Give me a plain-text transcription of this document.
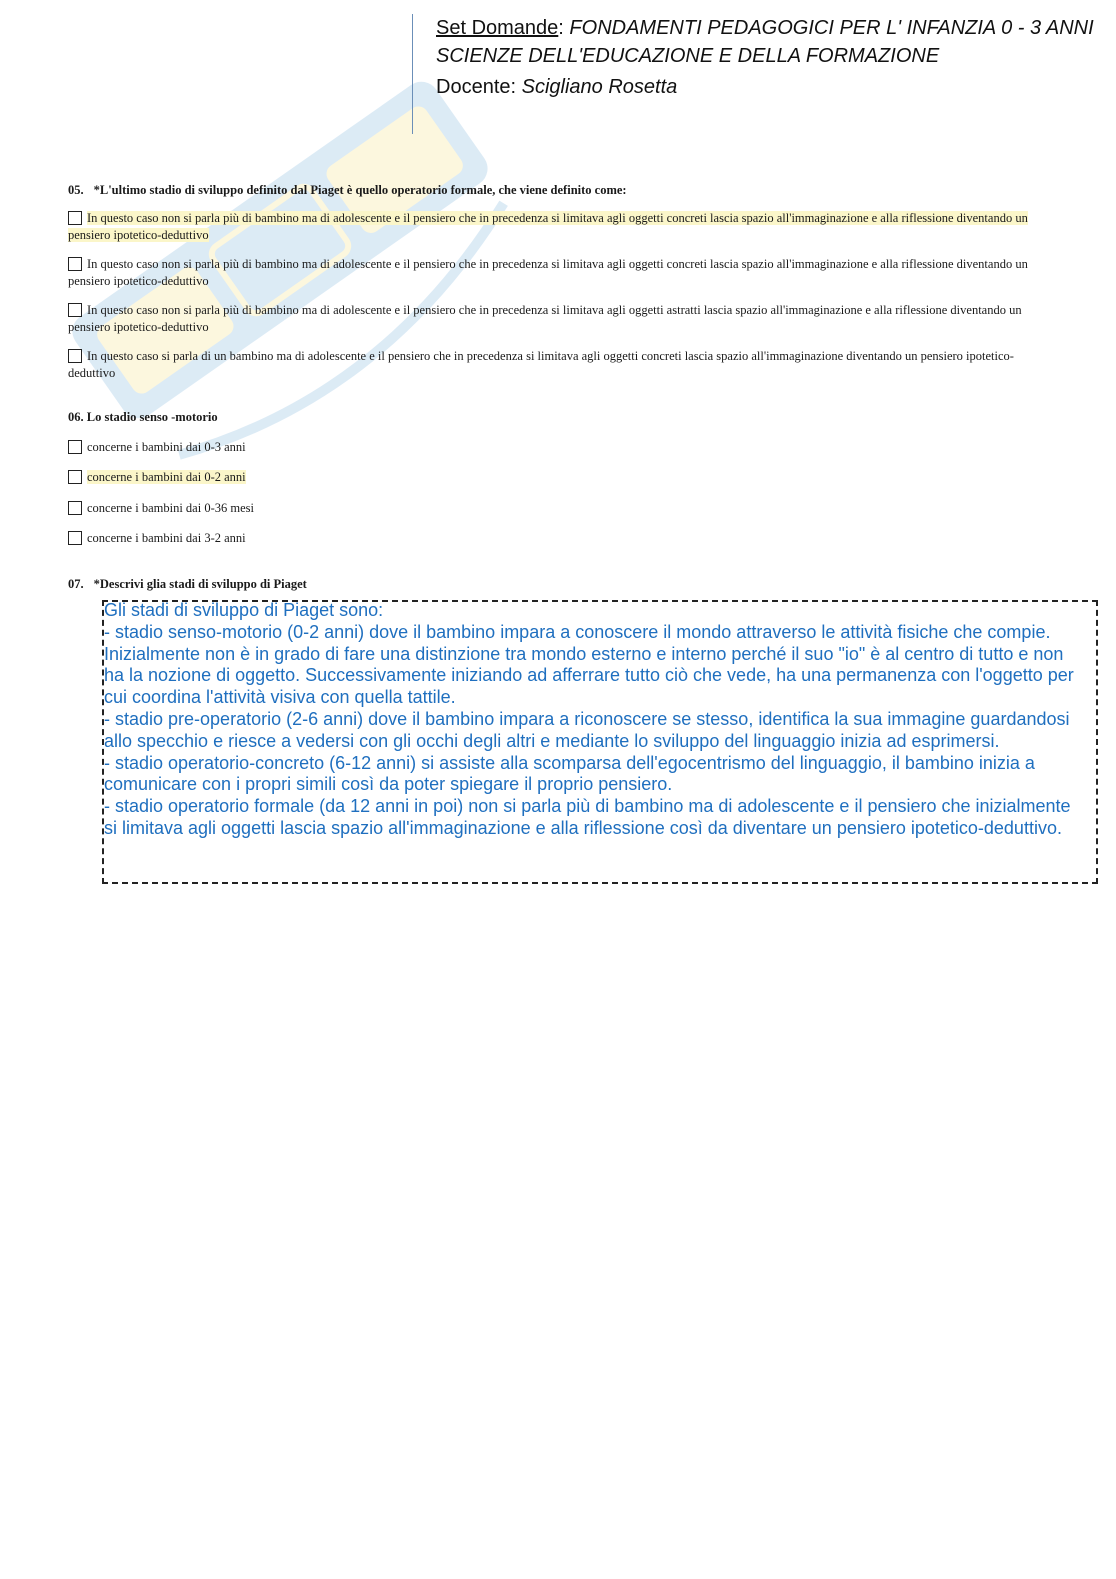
Set Domande: FONDAMENTI PEDAGOGICI PER L' INFANZIA 0 - 3 ANNI
SCIENZE DELL'EDUCAZIONE E DELLA FORMAZIONE
Docente: Scigliano Rosetta
05. *L'ultimo stadio di sviluppo definito dal Piaget è quello operatorio formale, che viene definito come:
In questo caso non si parla più di bambino ma di adolescente e il pensiero che in precedenza si limitava agli oggetti concreti lascia spazio all'immaginazione e alla riflessione diventando un pensiero ipotetico-deduttivo
In questo caso non si parla più di bambino ma di adolescente e il pensiero che in precedenza si limitava agli oggetti concreti lascia spazio all'immaginazione e alla riflessione diventando un pensiero ipotetico-deduttivo
In questo caso non si parla più di bambino ma di adolescente e il pensiero che in precedenza si limitava agli oggetti astratti lascia spazio all'immaginazione e alla riflessione diventando un pensiero ipotetico-deduttivo
In questo caso si parla di un bambino ma di adolescente e il pensiero che in precedenza si limitava agli oggetti concreti lascia spazio all'immaginazione diventando un pensiero ipotetico-deduttivo
06. Lo stadio senso -motorio
concerne i bambini dai 0-3 anni
concerne i bambini dai 0-2 anni
concerne i bambini dai 0-36 mesi
concerne i bambini dai 3-2 anni
07. *Descrivi glia stadi di sviluppo di Piaget
Gli stadi di sviluppo di Piaget sono:
- stadio senso-motorio (0-2 anni) dove il bambino impara a conoscere il mondo attraverso le attività fisiche che compie. Inizialmente non è in grado di fare una distinzione tra mondo esterno e interno perché il suo "io" è al centro di tutto e non ha la nozione di oggetto. Successivamente iniziando ad afferrare tutto ciò che vede, ha una permanenza con l'oggetto per cui coordina l'attività visiva con quella tattile.
- stadio pre-operatorio (2-6 anni) dove il bambino impara a riconoscere se stesso, identifica la sua immagine guardandosi allo specchio e riesce a vedersi con gli occhi degli altri e mediante lo sviluppo del linguaggio inizia ad esprimersi.
- stadio operatorio-concreto (6-12 anni) si assiste alla scomparsa dell'egocentrismo del linguaggio, il bambino inizia a comunicare con i propri simili così da poter spiegare il proprio pensiero.
- stadio operatorio formale (da 12 anni in poi) non si parla più di bambino ma di adolescente e il pensiero che inizialmente si limitava agli oggetti lascia spazio all'immaginazione e alla riflessione così da diventare un pensiero ipotetico-deduttivo.
